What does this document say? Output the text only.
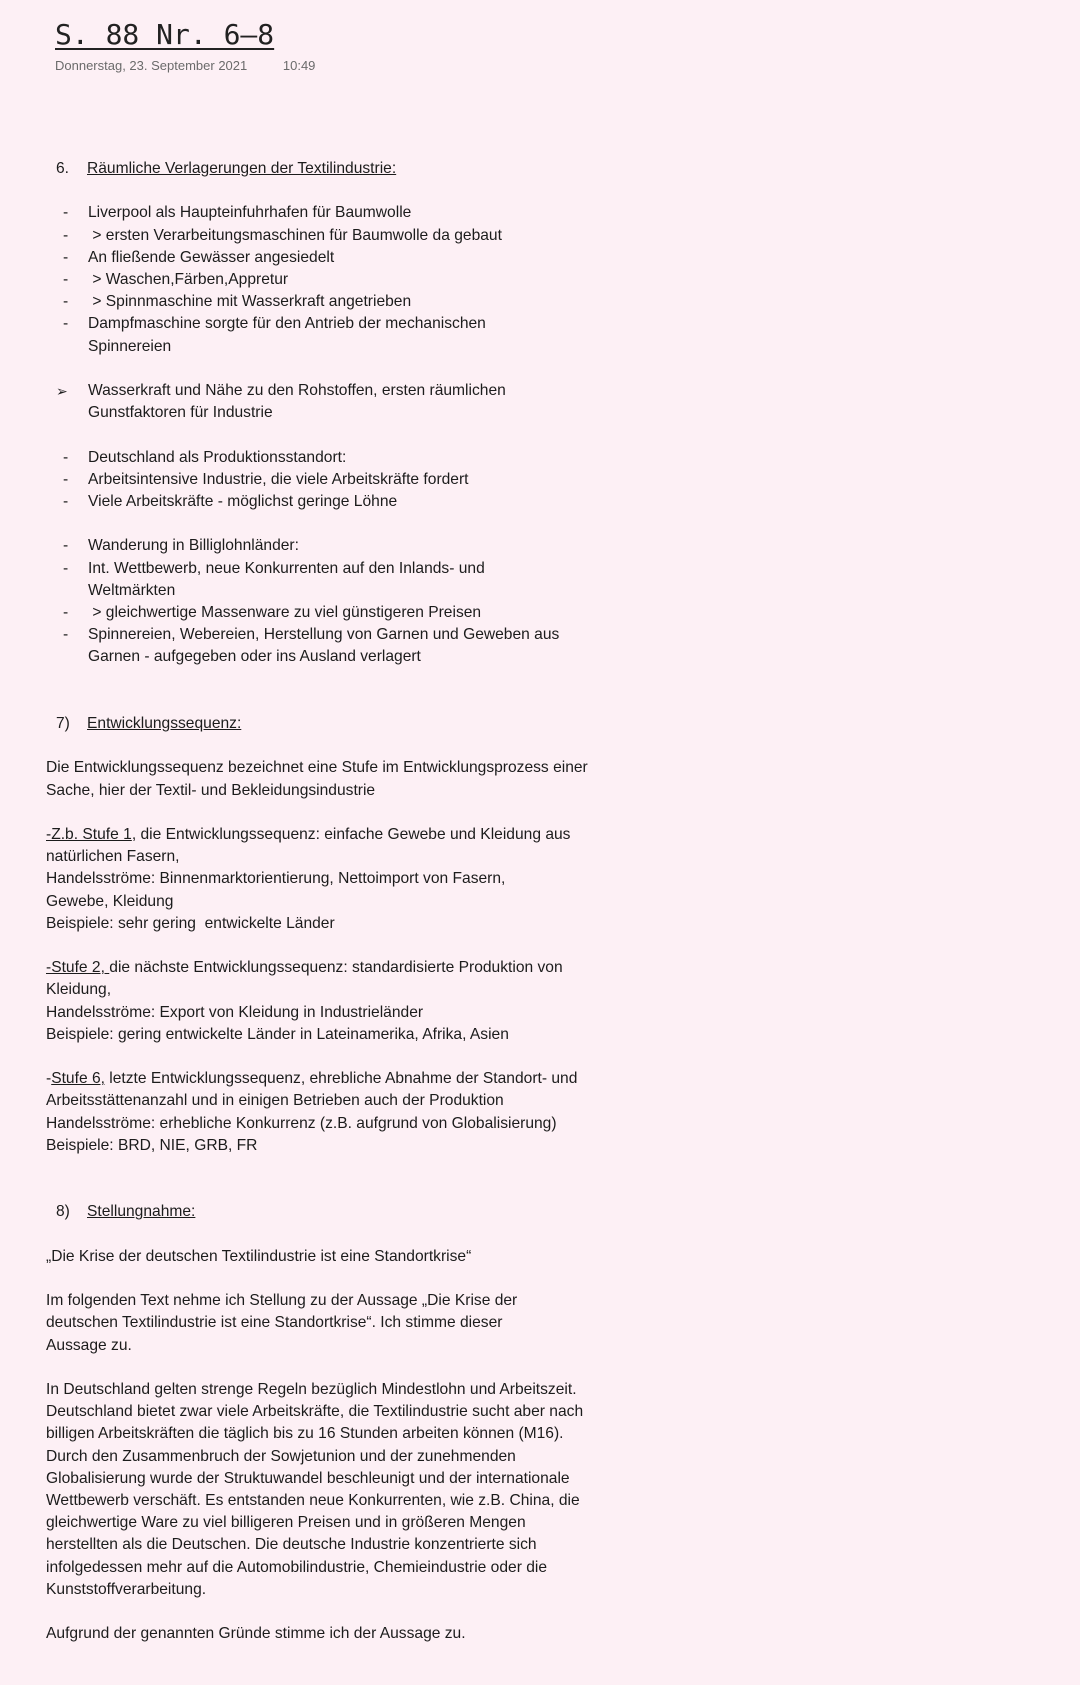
S. 88 Nr. 6–8
Donnerstag, 23. September 2021	10:49
6.	Räumliche Verlagerungen der Textilindustrie:
-	Liverpool als Haupteinfuhrhafen für Baumwolle
-	> ersten Verarbeitungsmaschinen für Baumwolle da gebaut
-	An fließende Gewässer angesiedelt
-	> Waschen,Färben,Appretur
-	> Spinnmaschine mit Wasserkraft angetrieben
-	Dampfmaschine sorgte für den Antrieb der mechanischen Spinnereien
➢	Wasserkraft und Nähe zu den Rohstoffen, ersten räumlichen Gunstfaktoren für Industrie
-	Deutschland als Produktionsstandort:
-	Arbeitsintensive Industrie, die viele Arbeitskräfte fordert
-	Viele Arbeitskräfte - möglichst geringe Löhne
-	Wanderung in Billiglohnländer:
-	Int. Wettbewerb, neue Konkurrenten auf den Inlands- und Weltmärkten
-	> gleichwertige Massenware zu viel günstigeren Preisen
-	Spinnereien, Webereien, Herstellung von Garnen und Geweben aus Garnen - aufgegeben oder ins Ausland verlagert
7)	Entwicklungssequenz:

Die Entwicklungssequenz bezeichnet eine Stufe im Entwicklungsprozess einer Sache, hier der Textil- und Bekleidungsindustrie

-Z.b. Stufe 1, die Entwicklungssequenz: einfache Gewebe und Kleidung aus natürlichen Fasern,

Handelsströme: Binnenmarktorientierung, Nettoimport von Fasern, Gewebe, Kleidung

Beispiele: sehr gering  entwickelte Länder

-Stufe 2, die nächste Entwicklungssequenz: standardisierte Produktion von Kleidung,

Handelsströme: Export von Kleidung in Industrieländer

Beispiele: gering entwickelte Länder in Lateinamerika, Afrika, Asien

-Stufe 6, letzte Entwicklungssequenz, ehrebliche Abnahme der Standort- und Arbeitsstättenanzahl und in einigen Betrieben auch der Produktion

Handelsströme: erhebliche Konkurrenz (z.B. aufgrund von Globalisierung)

Beispiele: BRD, NIE, GRB, FR

8)	Stellungnahme:

„Die Krise der deutschen Textilindustrie ist eine Standortkrise“

Im folgenden Text nehme ich Stellung zu der Aussage „Die Krise der deutschen Textilindustrie ist eine Standortkrise“. Ich stimme dieser Aussage zu.

In Deutschland gelten strenge Regeln bezüglich Mindestlohn und Arbeitszeit. Deutschland bietet zwar viele Arbeitskräfte, die Textilindustrie sucht aber nach billigen Arbeitskräften die täglich bis zu 16 Stunden arbeiten können (M16). Durch den Zusammenbruch der Sowjetunion und der zunehmenden Globalisierung wurde der Struktuwandel beschleunigt und der internationale Wettbewerb verschäft. Es entstanden neue Konkurrenten, wie z.B. China, die gleichwertige Ware zu viel billigeren Preisen und in größeren Mengen herstellten als die Deutschen. Die deutsche Industrie konzentrierte sich infolgedessen mehr auf die Automobilindustrie, Chemieindustrie oder die Kunststoffverarbeitung.

Aufgrund der genannten Gründe stimme ich der Aussage zu.
